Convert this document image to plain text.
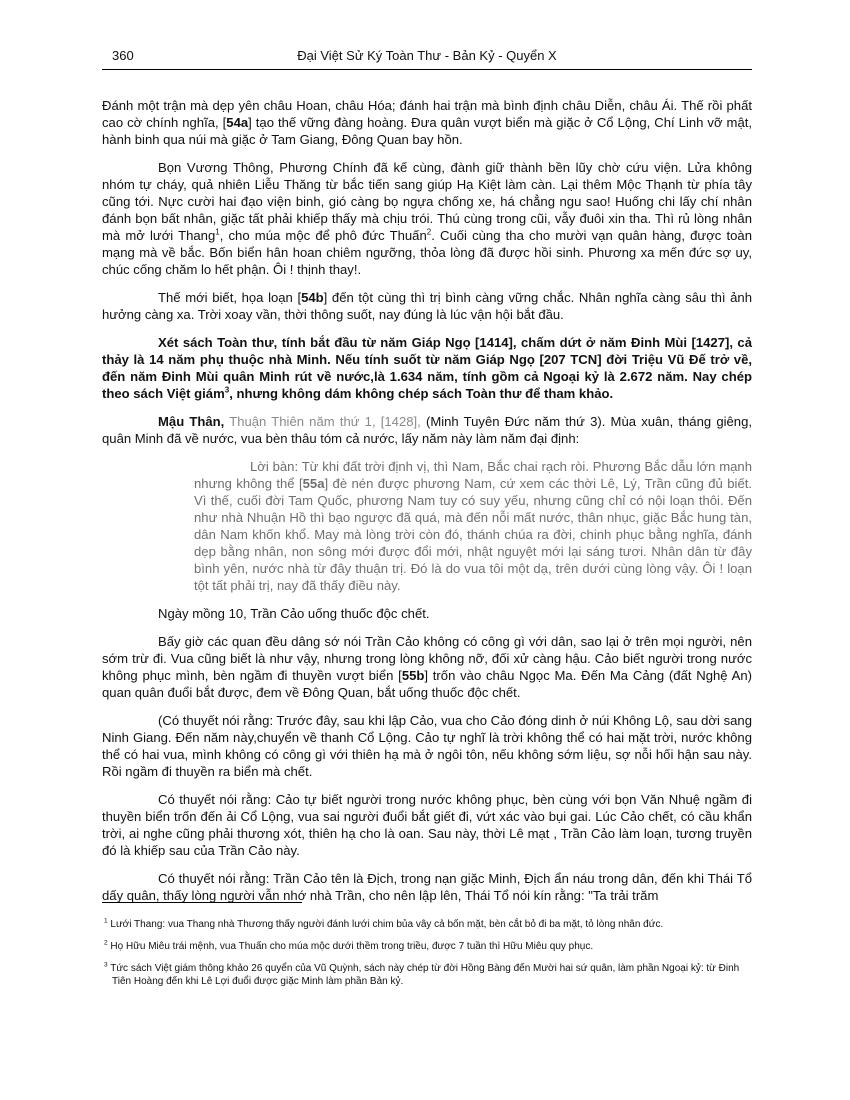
360	Đại Việt Sử Ký Toàn Thư - Bản Kỷ - Quyển X

Đánh một trận mà dẹp yên châu Hoan, châu Hóa; đánh hai trận mà bình định châu Diễn, châu Ái. Thế rồi phất cao cờ chính nghĩa, [54a] tạo thế vững đàng hoàng. Đưa quân vượt biển mà giặc ở Cổ Lộng, Chí Linh vỡ mật, hành binh qua núi mà giặc ở Tam Giang, Đông Quan bay hồn.

Bọn Vương Thông, Phương Chính đã kế cùng, đành giữ thành bền lũy chờ cứu viện. Lửa không nhóm tự cháy, quả nhiên Liễu Thăng từ bắc tiến sang giúp Hạ Kiệt làm càn. Lại thêm Mộc Thạnh từ phía tây cũng tới. Nực cười hai đạo viện binh, gió càng bọ ngựa chống xe, há chẳng ngu sao! Huống chi lấy chí nhân đánh bọn bất nhân, giặc tất phải khiếp thấy mà chịu trói. Thú cùng trong cũi, vẫy đuôi xin tha. Thì rủ lòng nhân mà mở lưới Thang$^1$, cho múa mộc để phô đức Thuấn$^2$. Cuối cùng tha cho mười vạn quân hàng, được toàn mạng mà về bắc. Bốn biển hân hoan chiêm ngưỡng, thỏa lòng đã được hồi sinh. Phương xa mến đức sợ uy, chúc cống chăm lo hết phận. Ôi ! thịnh thay!.

Thế mới biết, họa loạn [54b] đến tột cùng thì trị bình càng vững chắc. Nhân nghĩa càng sâu thì ảnh hưởng càng xa. Trời xoay vần, thời thông suốt, nay đúng là lúc vận hội bắt đầu.

Xét sách Toàn thư, tính bắt đầu từ năm Giáp Ngọ [1414], chấm dứt ở năm Đinh Mùi [1427], cả thảy là 14 năm phụ thuộc nhà Minh. Nếu tính suốt từ năm Giáp Ngọ [207 TCN] đời Triệu Vũ Đế trở về, đến năm Đinh Mùi quân Minh rút về nước,là 1.634 năm, tính gồm cả Ngoại kỷ là 2.672 năm. Nay chép theo sách Việt giám$^3$, nhưng không dám không chép sách Toàn thư để tham khảo.

Mậu Thân, Thuận Thiên năm thứ 1, [1428], (Minh Tuyên Đức năm thứ 3). Mùa xuân, tháng giêng, quân Minh đã về nước, vua bèn thâu tóm cả nước, lấy năm này làm năm đại định:

Lời bàn: Từ khi đất trời định vị, thì Nam, Bắc chai rạch ròi. Phương Bắc dẫu lớn mạnh nhưng không thể [55a] đè nén được phương Nam, cứ xem các thời Lê, Lý, Trần cũng đủ biết. Vì thế, cuối đời Tam Quốc, phương Nam tuy có suy yếu, nhưng cũng chỉ có nội loạn thôi. Đến như nhà Nhuận Hồ thì bạo ngược đã quá, mà đến nỗi mất nước, thân nhục, giặc Bắc hung tàn, dân Nam khốn khổ. May mà lòng trời còn đó, thánh chúa ra đời, chinh phục bằng nghĩa, đánh dẹp bằng nhân, non sông mới được đổi mới, nhật nguyệt mới lại sáng tươi. Nhân dân từ đây bình yên, nước nhà từ đây thuận trị. Đó là do vua tôi một dạ, trên dưới cùng lòng vậy. Ôi ! loạn tột tất phải trị, nay đã thấy điều này.

Ngày mồng 10, Trần Cảo uống thuốc độc chết.

Bấy giờ các quan đều dâng sớ nói Trần Cảo không có công gì với dân, sao lại ở trên mọi người, nên sớm trừ đi. Vua cũng biết là như vậy, nhưng trong lòng không nỡ, đối xử càng hậu. Cảo biết người trong nước không phục mình, bèn ngầm đi thuyền vượt biển [55b] trốn vào châu Ngọc Ma. Đến Ma Cảng (đất Nghệ An) quan quân đuổi bắt được, đem về Đông Quan, bắt uống thuốc độc chết.

(Có thuyết nói rằng: Trước đây, sau khi lập Cảo, vua cho Cảo đóng dinh ở núi Không Lộ, sau dời sang Ninh Giang. Đến năm này,chuyển về thanh Cổ Lộng. Cảo tự nghĩ là trời không thể có hai mặt trời, nước không thể có hai vua, mình không có công gì với thiên hạ mà ở ngôi tôn, nếu không sớm liệu, sợ nỗi hối hận sau này. Rồi ngầm đi thuyền ra biển mà chết.

Có thuyết nói rằng: Cảo tự biết người trong nước không phục, bèn cùng với bọn Văn Nhuệ ngầm đi thuyền biển trốn đến ải Cổ Lộng, vua sai người đuổi bắt giết đi, vứt xác vào bụi gai. Lúc Cảo chết, có cầu khẩn trời, ai nghe cũng phải thương xót, thiên hạ cho là oan. Sau này, thời Lê mạt , Trần Cảo làm loạn, tương truyền đó là khiếp sau của Trần Cảo này.

Có thuyết nói rằng: Trần Cảo tên là Địch, trong nạn giặc Minh, Địch ẩn náu trong dân, đến khi Thái Tổ dấy quân, thấy lòng người vẫn nhớ nhà Trần, cho nên lập lên, Thái Tổ nói kín rằng: "Ta trải trăm

$^1$ Lưới Thang: vua Thang nhà Thương thấy người đánh lưới chim bủa vây cả bốn mặt, bèn cắt bỏ đi ba mặt, tỏ lòng nhân đức.

$^2$ Họ Hữu Miêu trái mệnh, vua Thuấn cho múa mộc dưới thềm trong triều, được 7 tuần thì Hữu Miêu quy phục.

$^3$ Tức sách Việt giám thông khảo 26 quyển của Vũ Quỳnh, sách này chép từ đời Hồng Bàng đến Mười hai sứ quân, làm phần Ngoại kỷ: từ Đinh Tiên Hoàng đến khi Lê Lợi đuổi được giặc Minh làm phần Bản kỷ.
